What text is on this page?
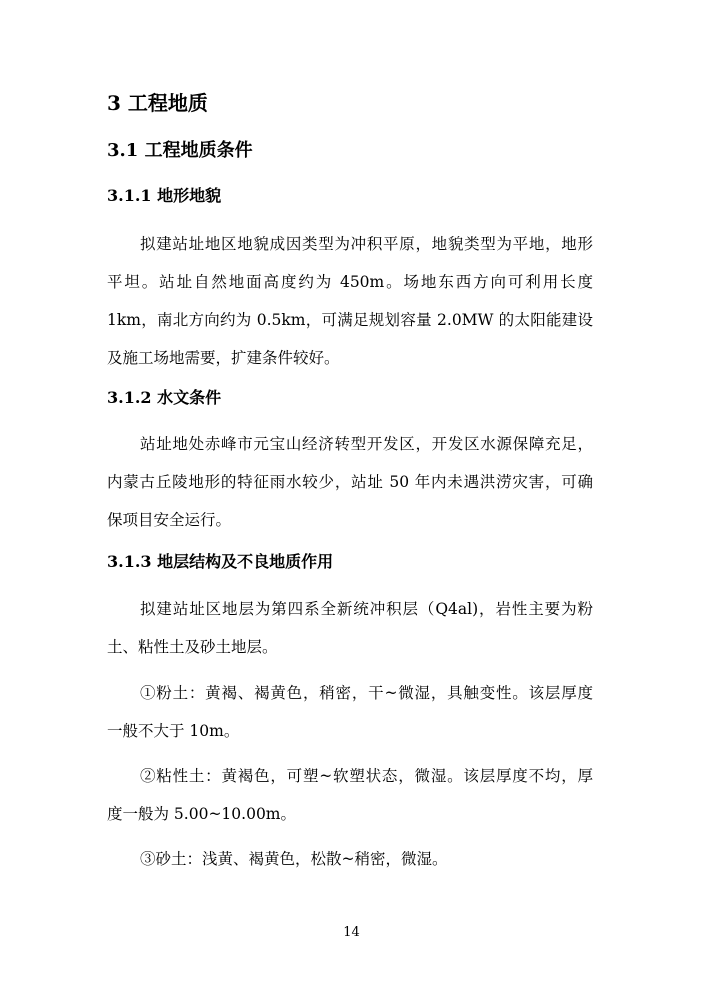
3 工程地质
3.1 工程地质条件
3.1.1 地形地貌
拟建站址地区地貌成因类型为冲积平原，地貌类型为平地，地形
平坦。站址自然地面高度约为 450m。场地东西方向可利用长度
1km，南北方向约为 0.5km，可满足规划容量 2.0MW 的太阳能建设
及施工场地需要，扩建条件较好。
3.1.2 水文条件
站址地处赤峰市元宝山经济转型开发区，开发区水源保障充足，
内蒙古丘陵地形的特征雨水较少，站址 50 年内未遇洪涝灾害，可确
保项目安全运行。
3.1.3 地层结构及不良地质作用
拟建站址区地层为第四系全新统冲积层（Q4al)，岩性主要为粉
土、粘性土及砂土地层。
①粉土：黄褐、褐黄色，稍密，干~微湿，具触变性。该层厚度
一般不大于 10m。
②粘性土：黄褐色，可塑~软塑状态，微湿。该层厚度不均，厚
度一般为 5.00~10.00m。
③砂土：浅黄、褐黄色，松散~稍密，微湿。
14
